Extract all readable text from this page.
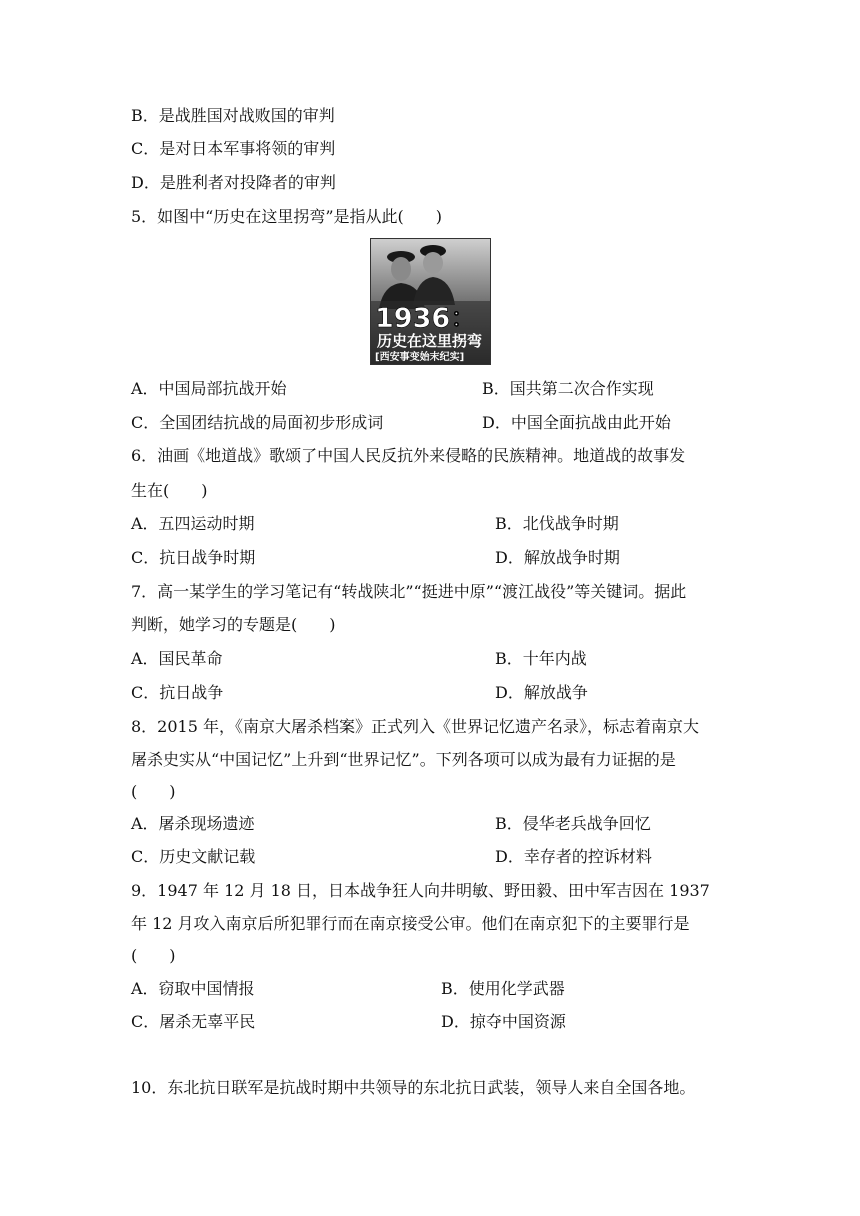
B．是战胜国对战败国的审判
C．是对日本军事将领的审判
D．是胜利者对投降者的审判
5．如图中“历史在这里拐弯”是指从此(　　)
1936：
历史在这里拐弯
[西安事变始末纪实]
A．中国局部抗战开始	B．国共第二次合作实现
C．全国团结抗战的局面初步形成词	D．中国全面抗战由此开始
6．油画《地道战》歌颂了中国人民反抗外来侵略的民族精神。地道战的故事发
生在(　　)
A．五四运动时期	B．北伐战争时期
C．抗日战争时期	D．解放战争时期
7．高一某学生的学习笔记有“转战陕北”“挺进中原”“渡江战役”等关键词。据此
判断，她学习的专题是(　　)
A．国民革命	B．十年内战
C．抗日战争	D．解放战争
8．2015 年，《南京大屠杀档案》正式列入《世界记忆遗产名录》，标志着南京大
屠杀史实从“中国记忆”上升到“世界记忆”。下列各项可以成为最有力证据的是
(　　)
A．屠杀现场遗迹	B．侵华老兵战争回忆
C．历史文献记载	D．幸存者的控诉材料
9．1947 年 12 月 18 日，日本战争狂人向井明敏、野田毅、田中军吉因在 1937
年 12 月攻入南京后所犯罪行而在南京接受公审。他们在南京犯下的主要罪行是
(　　)
A．窃取中国情报	B．使用化学武器
C．屠杀无辜平民	D．掠夺中国资源
10．东北抗日联军是抗战时期中共领导的东北抗日武装，领导人来自全国各地。
